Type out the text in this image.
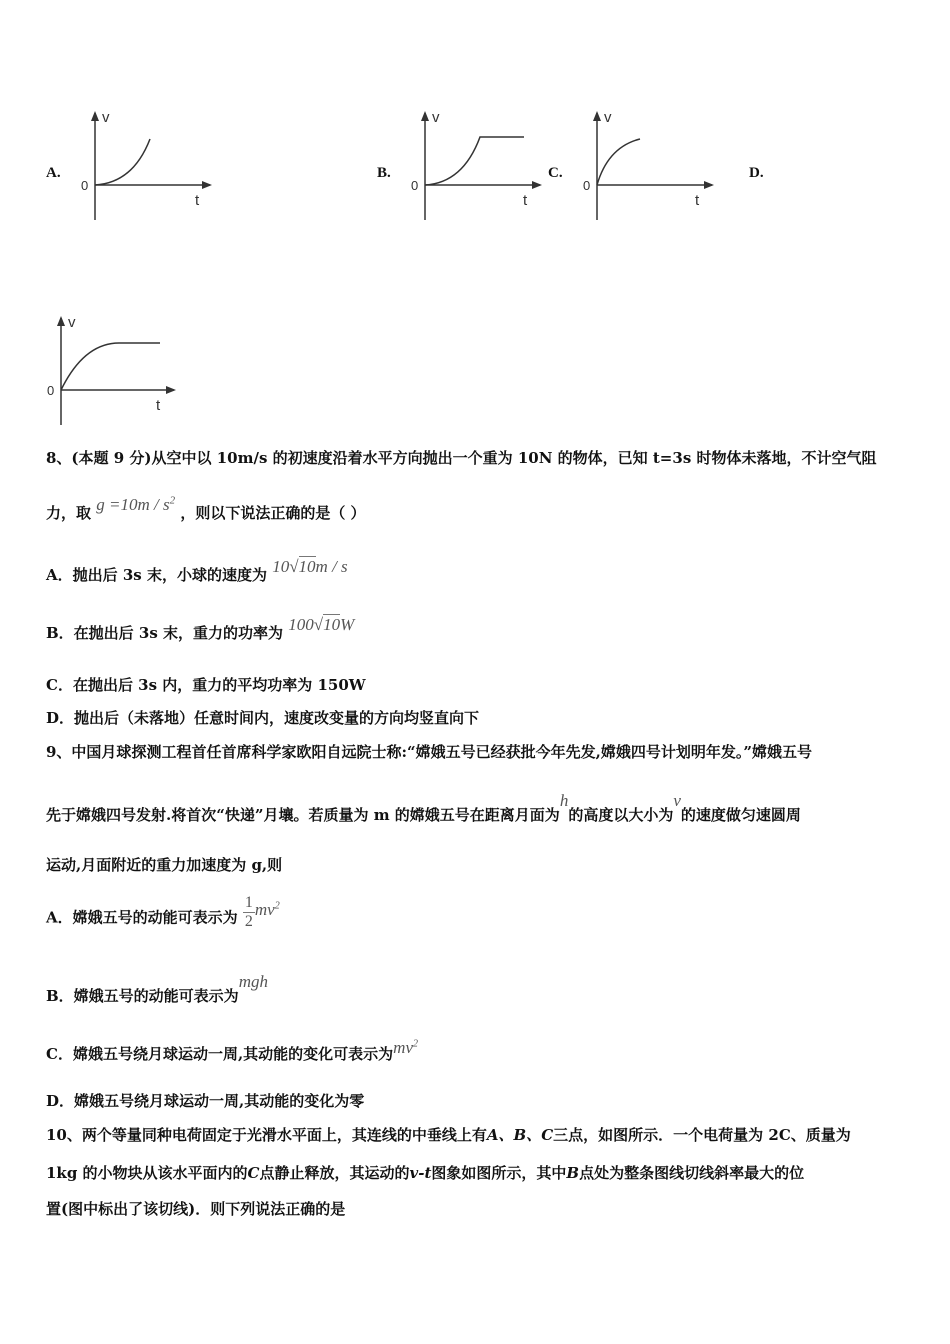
A.
v
t
0
B.
v
t
0
C.
v
t
0
D.
v
t
0
8、(本题 9 分)从空中以 10m/s 的初速度沿着水平方向抛出一个重为 10N 的物体，已知 t=3s 时物体未落地，不计空气阻
力，取 $g =10m / s^2$ ，则以下说法正确的是（ ）
A．抛出后 3s 末，小球的速度为 10√10m / s
B．在抛出后 3s 末，重力的功率为 100√10W
C．在抛出后 3s 内，重力的平均功率为 150W
D．抛出后（未落地）任意时间内，速度改变量的方向均竖直向下
9、中国月球探测工程首任首席科学家欧阳自远院士称:“嫦娥五号已经获批今年先发,嫦娥四号计划明年发。”嫦娥五号
先于嫦娥四号发射.将首次“快递”月壤。若质量为 m 的嫦娥五号在距离月面为h的高度以大小为v的速度做匀速圆周
运动,月面附近的重力加速度为 g,则
A．嫦娥五号的动能可表示为 $\frac{1}{2} mv^2$
B．嫦娥五号的动能可表示为mgh
C．嫦娥五号绕月球运动一周,其动能的变化可表示为$mv^2$
D．嫦娥五号绕月球运动一周,其动能的变化为零
10、两个等量同种电荷固定于光滑水平面上，其连线的中垂线上有A、B、C三点，如图所示．一个电荷量为 2C、质量为
1kg 的小物块从该水平面内的C点静止释放，其运动的v-t图象如图所示，其中B点处为整条图线切线斜率最大的位
置(图中标出了该切线)．则下列说法正确的是
